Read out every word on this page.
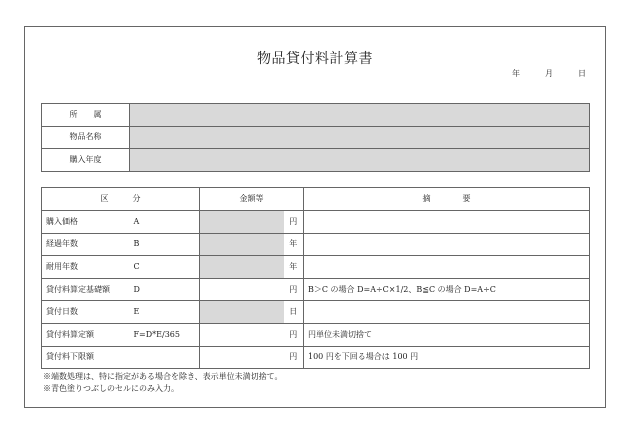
物品貸付料計算書
年	月	日
所　　属	
物品名称	
購入年度	
区　　　分		金額等		摘　　　　要
購入価格	A		円	
経過年数	B		年	
耐用年数	C		年	
貸付料算定基礎額	D		円	B＞C の場合 D=A÷C×1/2、B≦C の場合 D=A÷C
貸付日数	E		日	
貸付料算定額	F=D*E/365		円	円単位未満切捨て
貸付料下限額			円	100 円を下回る場合は 100 円
※端数処理は、特に指定がある場合を除き、表示単位未満切捨て。
※青色塗りつぶしのセルにのみ入力。
